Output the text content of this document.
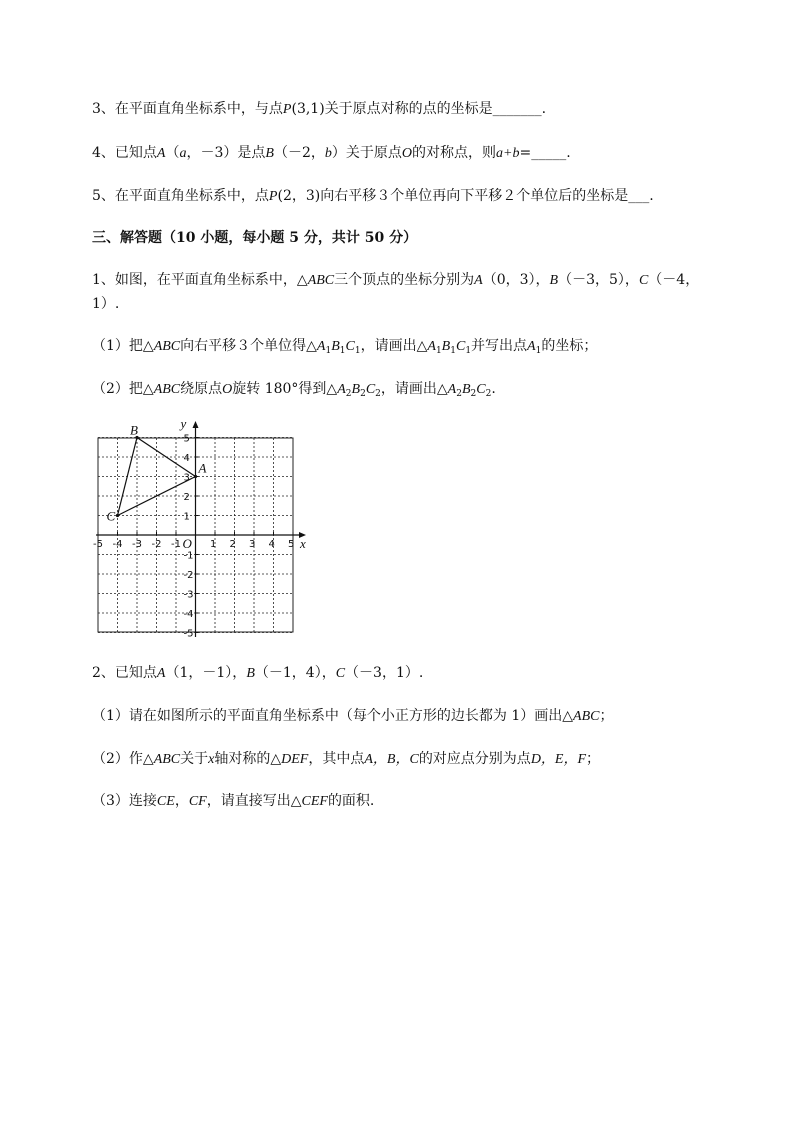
3、在平面直角坐标系中，与点P(3,1)关于原点对称的点的坐标是_______.
4、已知点A（a，－3）是点B（－2，b）关于原点O的对称点，则a+b=_____.
5、在平面直角坐标系中，点P(2，3)向右平移３个单位再向下平移２个单位后的坐标是___.
三、解答题（10 小题，每小题 5 分，共计 50 分）
1、如图，在平面直角坐标系中，△ABC三个顶点的坐标分别为A（0，3），B（－3，5），C（－4，
1）.
（1）把△ABC向右平移３个单位得$\triangle A_1B_1C_1$，请画出$\triangle A_1B_1C_1$并写出点$A_1$的坐标；
（2）把△ABC绕原点O旋转 180°得到$\triangle A_2B_2C_2$，请画出$\triangle A_2B_2C_2$.
x
y
O
-5 -4 -3 -2 -1	1 2 3 4 5
5
4
3
2
1
-1
-2
-3
-4
-5
A
B
C
2、已知点A（1，－1），B（－1，4），C（－3，1）.
（1）请在如图所示的平面直角坐标系中（每个小正方形的边长都为 1）画出△ABC；
（2）作△ABC关于x轴对称的△DEF，其中点A，B，C的对应点分别为点D，E，F；
（3）连接CE，CF，请直接写出△CEF的面积.
